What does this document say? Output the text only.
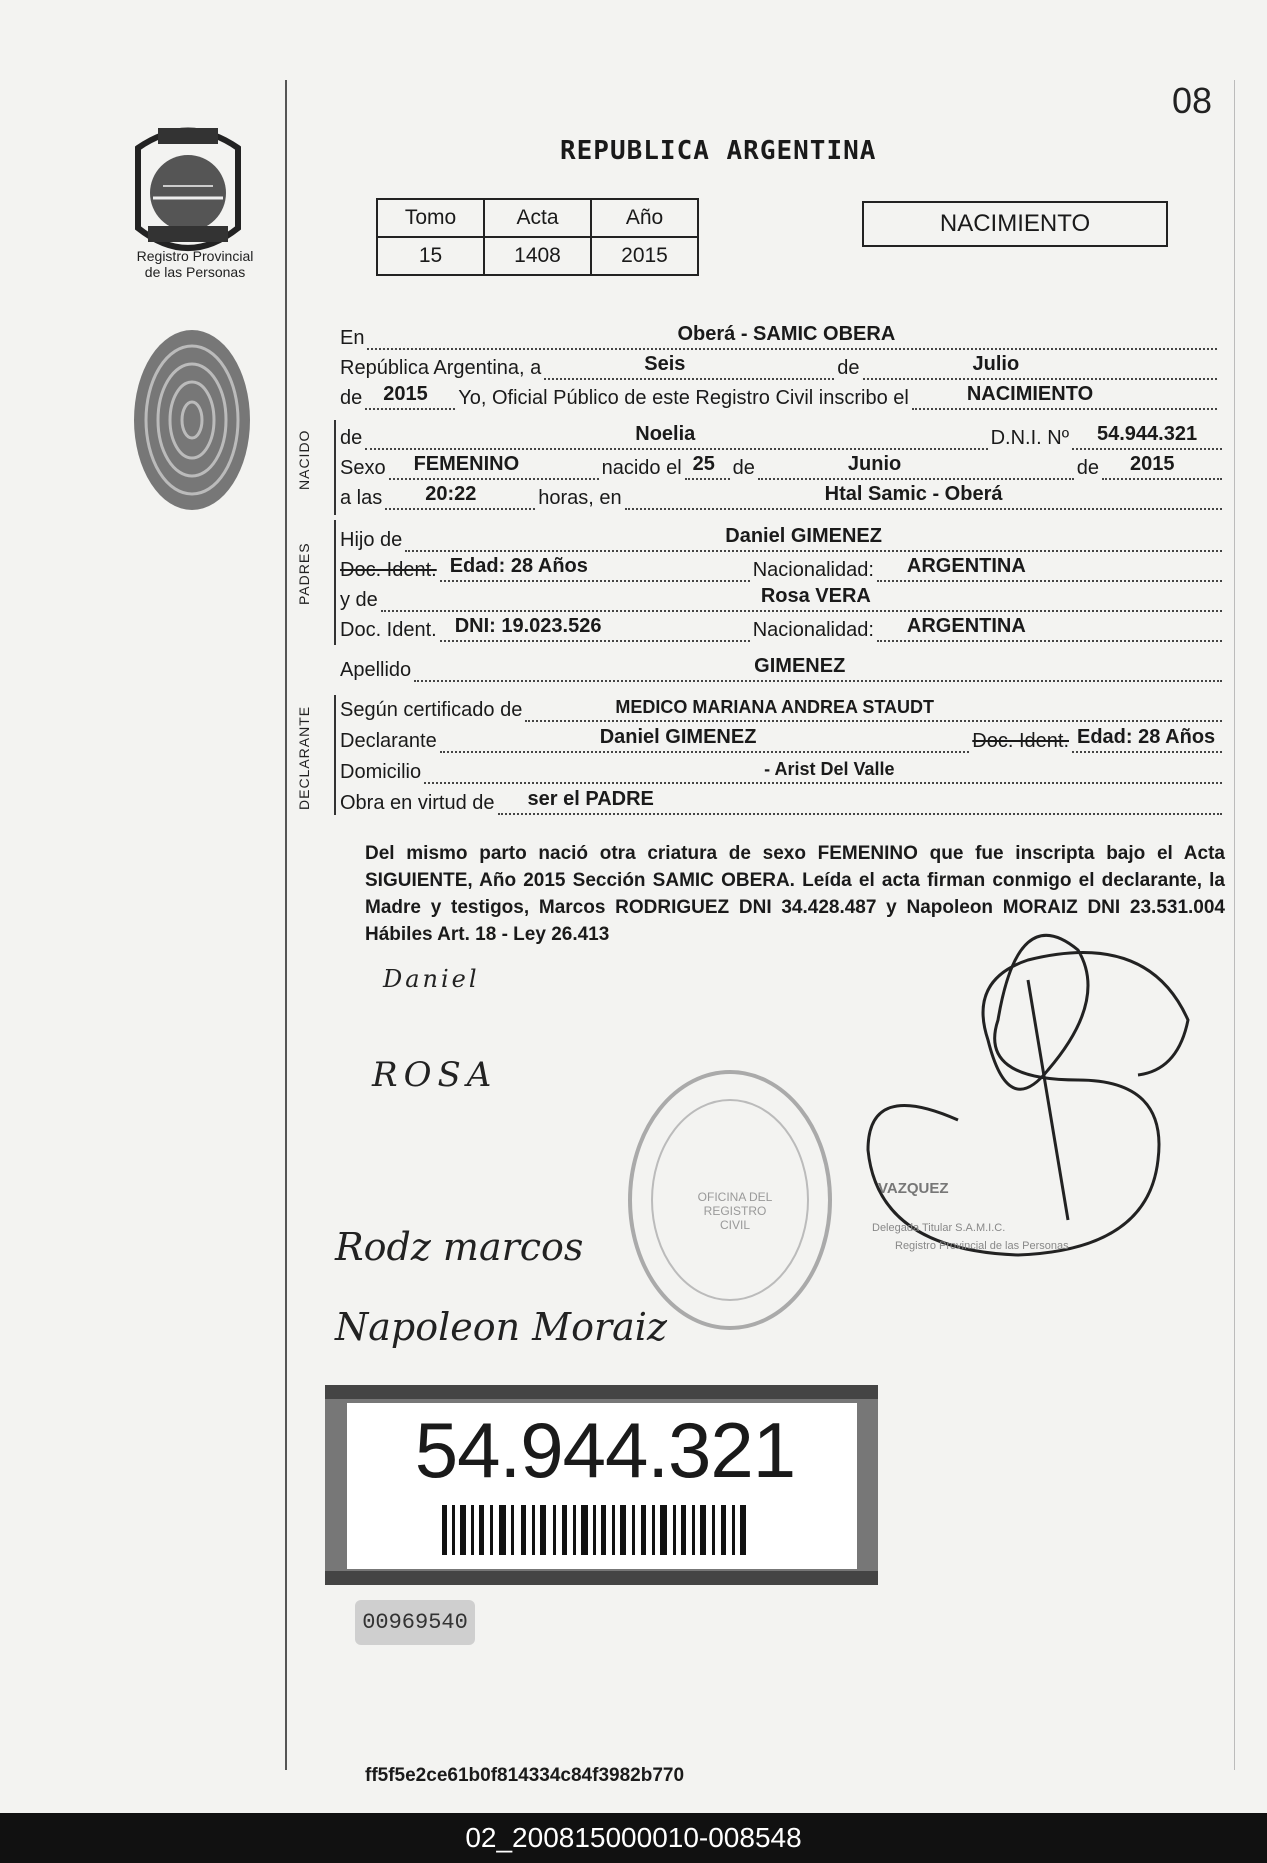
08
Registro Provincial
de las Personas
REPUBLICA ARGENTINA
Tomo	Acta	Año
15	1408	2015
NACIMIENTO
En	Oberá - SAMIC OBERA
República Argentina, a	Seis	de	Julio
de 2015 Yo, Oficial Público de este Registro Civil inscribo el	NACIMIENTO
NACIDO de	Noelia	D.N.I. Nº 54.944.321
Sexo FEMENINO	nacido el 25 de	Junio	de 2015
a las 20:22	horas, en	Htal Samic - Oberá
PADRES
Hijo de	Daniel GIMENEZ
Doc. Ident. Edad: 28 Años	Nacionalidad: ARGENTINA
y de	Rosa VERA
Doc. Ident. DNI: 19.023.526	Nacionalidad: ARGENTINA
Apellido	GIMENEZ
DECLARANTE Según certificado de	MEDICO MARIANA ANDREA STAUDT
Declarante	Daniel GIMENEZ	Doc. Ident. Edad: 28 Años
Domicilio	- Arist Del Valle
Obra en virtud de ser el PADRE
Del mismo parto nació otra criatura de sexo FEMENINO que fue inscripta bajo el Acta SIGUIENTE, Año 2015 Sección SAMIC OBERA. Leída el acta firman conmigo el declarante, la Madre y testigos, Marcos RODRIGUEZ DNI 34.428.487 y Napoleon MORAIZ DNI 23.531.004 Hábiles Art. 18 - Ley 26.413
Daniel
ROSA
Rodz marcos
Napoleon Moraiz
OFICINA DEL REGISTRO CIVIL
VAZQUEZ
Delegada Titular S.A.M.I.C.
Registro Provincial de las Personas
54.944.321
00969540
ff5f5e2ce61b0f814334c84f3982b770
02_200815000010-008548
